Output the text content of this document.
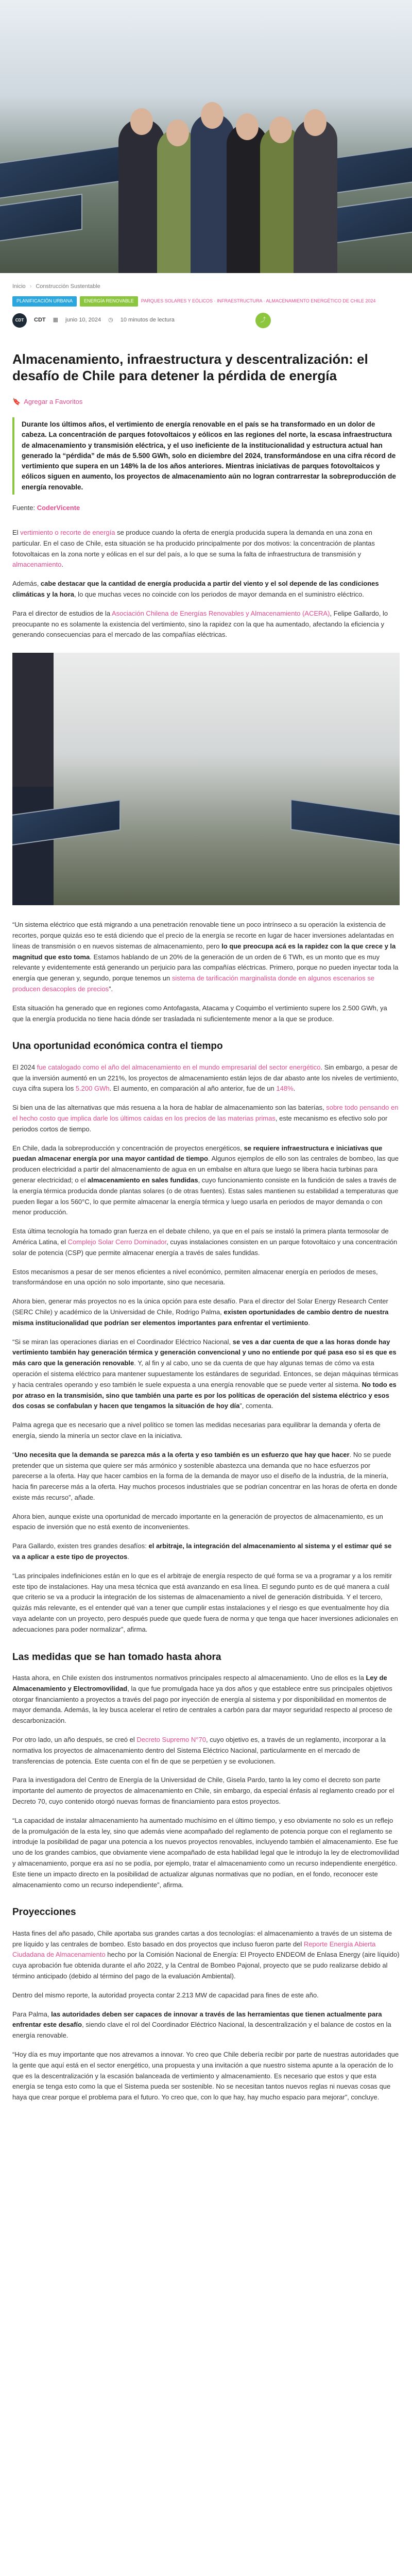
Inicio › Construcción Sustentable
PLANIFICACIÓN URBANA	ENERGÍA RENOVABLE	PARQUES SOLARES Y EÓLICOS · INFRAESTRUCTURA · ALMACENAMIENTO ENERGÉTICO DE CHILE 2024
CDT	CDT ▦ junio 10, 2024 ◷ 10 minutos de lectura	⤴
Almacenamiento, infraestructura y descentralización: el desafío de Chile para detener la pérdida de energía
🔖 Agregar a Favoritos
Durante los últimos años, el vertimiento de energía renovable en el país se ha transformado en un dolor de cabeza. La concentración de parques fotovoltaicos y eólicos en las regiones del norte, la escasa infraestructura de almacenamiento y transmisión eléctrica, y el uso ineficiente de la institucionalidad y estructura actual han generado la “pérdida” de más de 5.500 GWh, solo en diciembre del 2024, transformándose en una cifra récord de vertimiento que supera en un 148% la de los años anteriores. Mientras iniciativas de parques fotovoltaicos y eólicos siguen en aumento, los proyectos de almacenamiento aún no logran contrarrestar la sobreproducción de energía renovable.
Fuente: CoderVicente

El vertimiento o recorte de energía se produce cuando la oferta de energía producida supera la demanda en una zona en particular. En el caso de Chile, esta situación se ha producido principalmente por dos motivos: la concentración de plantas fotovoltaicas en la zona norte y eólicas en el sur del país, a lo que se suma la falta de infraestructura de transmisión y almacenamiento.

Además, cabe destacar que la cantidad de energía producida a partir del viento y el sol depende de las condiciones climáticas y la hora, lo que muchas veces no coincide con los periodos de mayor demanda en el suministro eléctrico.

Para el director de estudios de la Asociación Chilena de Energías Renovables y Almacenamiento (ACERA), Felipe Gallardo, lo preocupante no es solamente la existencia del vertimiento, sino la rapidez con la que ha aumentado, afectando la eficiencia y generando consecuencias para el mercado de las compañías eléctricas.

“Un sistema eléctrico que está migrando a una penetración renovable tiene un poco intrínseco a su operación la existencia de recortes, porque quizás eso te está diciendo que el precio de la energía se recorte en lugar de hacer inversiones adelantadas en líneas de transmisión o en nuevos sistemas de almacenamiento, pero lo que preocupa acá es la rapidez con la que crece y la magnitud que esto toma. Estamos hablando de un 20% de la generación de un orden de 6 TWh, es un monto que es muy relevante y evidentemente está generando un perjuicio para las compañías eléctricas. Primero, porque no pueden inyectar toda la energía que generan y, segundo, porque tenemos un sistema de tarificación marginalista donde en algunos escenarios se producen desacoples de precios”.

Esta situación ha generado que en regiones como Antofagasta, Atacama y Coquimbo el vertimiento supere los 2.500 GWh, ya que la energía producida no tiene hacia dónde ser trasladada ni suficientemente menor a la que se produce.

Una oportunidad económica contra el tiempo

El 2024 fue catalogado como el año del almacenamiento en el mundo empresarial del sector energético. Sin embargo, a pesar de que la inversión aumentó en un 221%, los proyectos de almacenamiento están lejos de dar abasto ante los niveles de vertimiento, cuya cifra supera los 5.200 GWh. El aumento, en comparación al año anterior, fue de un 148%.

Si bien una de las alternativas que más resuena a la hora de hablar de almacenamiento son las baterías, sobre todo pensando en el hecho costo que implica darle los últimos caídas en los precios de las materias primas, este mecanismo es efectivo solo por periodos cortos de tiempo.

En Chile, dada la sobreproducción y concentración de proyectos energéticos, se requiere infraestructura e iniciativas que puedan almacenar energía por una mayor cantidad de tiempo. Algunos ejemplos de ello son las centrales de bombeo, las que producen electricidad a partir del almacenamiento de agua en un embalse en altura que luego se libera hacia turbinas para generar electricidad; o el almacenamiento en sales fundidas, cuyo funcionamiento consiste en la fundición de sales a través de la energía térmica producida donde plantas solares (o de otras fuentes). Estas sales mantienen su estabilidad a temperaturas que pueden llegar a los 560°C, lo que permite almacenar la energía térmica y luego usarla en periodos de mayor demanda o con menor producción.

Esta última tecnología ha tomado gran fuerza en el debate chileno, ya que en el país se instaló la primera planta termosolar de América Latina, el Complejo Solar Cerro Dominador, cuyas instalaciones consisten en un parque fotovoltaico y una concentración solar de potencia (CSP) que permite almacenar energía a través de sales fundidas.

Estos mecanismos a pesar de ser menos eficientes a nivel económico, permiten almacenar energía en periodos de meses, transformándose en una opción no solo importante, sino que necesaria.

Ahora bien, generar más proyectos no es la única opción para este desafío. Para el director del Solar Energy Research Center (SERC Chile) y académico de la Universidad de Chile, Rodrigo Palma, existen oportunidades de cambio dentro de nuestra misma institucionalidad que podrían ser elementos importantes para enfrentar el vertimiento.

“Si se miran las operaciones diarias en el Coordinador Eléctrico Nacional, se ves a dar cuenta de que a las horas donde hay vertimiento también hay generación térmica y generación convencional y uno no entiende por qué pasa eso si es que es más caro que la generación renovable. Y, al fin y al cabo, uno se da cuenta de que hay algunas temas de cómo va esta operación el sistema eléctrico para mantener supuestamente los estándares de seguridad. Entonces, se dejan máquinas térmicas y hacia centrales operando y eso también le suele expuesta a una energía renovable que se puede verter al sistema. No todo es por atraso en la transmisión, sino que también una parte es por los políticas de operación del sistema eléctrico y esos dos cosas se confabulan y hacen que tengamos la situación de hoy día”, comenta.

Palma agrega que es necesario que a nivel político se tomen las medidas necesarias para equilibrar la demanda y oferta de energía, siendo la minería un sector clave en la iniciativa.

“Uno necesita que la demanda se parezca más a la oferta y eso también es un esfuerzo que hay que hacer. No se puede pretender que un sistema que quiere ser más armónico y sostenible abastezca una demanda que no hace esfuerzos por parecerse a la oferta. Hay que hacer cambios en la forma de la demanda de mayor uso el diseño de la industria, de la minería, hacia fin parecerse más a la oferta. Hay muchos procesos industriales que se podrían concentrar en las horas de oferta en donde existe más recurso”, añade.

Ahora bien, aunque existe una oportunidad de mercado importante en la generación de proyectos de almacenamiento, es un espacio de inversión que no está exento de inconvenientes.

Para Gallardo, existen tres grandes desafíos: el arbitraje, la integración del almacenamiento al sistema y el estimar qué se va a aplicar a este tipo de proyectos.

“Las principales indefiniciones están en lo que es el arbitraje de energía respecto de qué forma se va a programar y a los remitir este tipo de instalaciones. Hay una mesa técnica que está avanzando en esa línea. El segundo punto es de qué manera a cuál que criterio se va a producir la integración de los sistemas de almacenamiento a nivel de generación distribuida. Y el tercero, quizás más relevante, es el entender qué van a tener que cumplir estas instalaciones y el riesgo es que eventualmente hoy día vaya adelante con un proyecto, pero después puede que quede fuera de norma y que tenga que hacer inversiones adicionales en adecuaciones para poder normalizar”, afirma.

Las medidas que se han tomado hasta ahora

Hasta ahora, en Chile existen dos instrumentos normativos principales respecto al almacenamiento. Uno de ellos es la Ley de Almacenamiento y Electromovilidad, la que fue promulgada hace ya dos años y que establece entre sus principales objetivos otorgar financiamiento a proyectos a través del pago por inyección de energía al sistema y por disponibilidad en momentos de mayor demanda. Además, la ley busca acelerar el retiro de centrales a carbón para dar mayor seguridad respecto al proceso de descarbonización.

Por otro lado, un año después, se creó el Decreto Supremo N°70, cuyo objetivo es, a través de un reglamento, incorporar a la normativa los proyectos de almacenamiento dentro del Sistema Eléctrico Nacional, particularmente en el mercado de transferencias de potencia. Este cuenta con el fin de que se perpetúen y se evolucionen.

Para la investigadora del Centro de Energía de la Universidad de Chile, Gisela Pardo, tanto la ley como el decreto son parte importante del aumento de proyectos de almacenamiento en Chile, sin embargo, da especial énfasis al reglamento creado por el Decreto 70, cuyo contenido otorgó nuevas formas de financiamiento para estos proyectos.

“La capacidad de instalar almacenamiento ha aumentado muchísimo en el último tiempo, y eso obviamente no solo es un reflejo de la promulgación de la esta ley, sino que además viene acompañado del reglamento de potencia porque con el reglamento se introduje la posibilidad de pagar una potencia a los nuevos proyectos renovables, incluyendo también el almacenamiento. Ese fue uno de los grandes cambios, que obviamente viene acompañado de esta habilidad legal que le introdujo la ley de electromovilidad y almacenamiento, porque era así no se podía, por ejemplo, tratar el almacenamiento como un recurso independiente energético. Este tiene un impacto directo en la posibilidad de actualizar algunas normativas que no podían, en el fondo, reconocer este almacenamiento como un recurso independiente”, afirma.

Proyecciones

Hasta fines del año pasado, Chile aportaba sus grandes cartas a dos tecnologías: el almacenamiento a través de un sistema de pre líquido y las centrales de bombeo. Esto basado en dos proyectos que incluso fueron parte del Reporte Energía Abierta Ciudadana de Almacenamiento hecho por la Comisión Nacional de Energía: El Proyecto ENDEOM de Enlasa Energy (aire líquido) cuya aprobación fue obtenida durante el año 2022, y la Central de Bombeo Pajonal, proyecto que se pudo realizarse debido al término anticipado (debido al término del pago de la evaluación Ambiental).

Dentro del mismo reporte, la autoridad proyecta contar 2.213 MW de capacidad para fines de este año.

Para Palma, las autoridades deben ser capaces de innovar a través de las herramientas que tienen actualmente para enfrentar este desafío, siendo clave el rol del Coordinador Eléctrico Nacional, la descentralización y el balance de costos en la energía renovable.

“Hoy día es muy importante que nos atrevamos a innovar. Yo creo que Chile debería recibir por parte de nuestras autoridades que la gente que aquí está en el sector energético, una propuesta y una invitación a que nuestro sistema apunte a la operación de lo que es la descentralización y la escasión balanceada de vertimiento y almacenamiento. Es necesario que estos y que esta energía se tenga esto como la que el Sistema pueda ser sostenible. No se necesitan tantos nuevos reglas ni nuevas cosas que haya que crear porque el problema para el futuro. Yo creo que, con lo que hay, hay mucho espacio para mejorar”, concluye.
